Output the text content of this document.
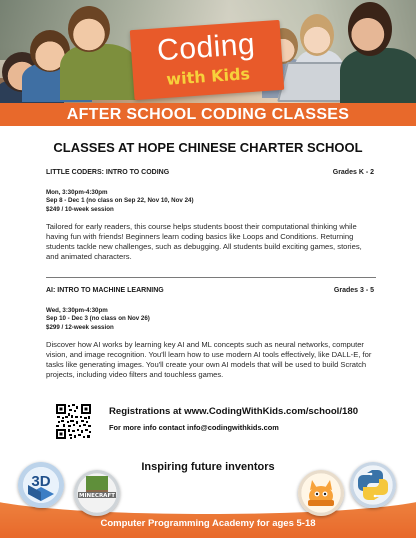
Coding
with Kids
AFTER SCHOOL CODING CLASSES
CLASSES AT HOPE CHINESE CHARTER SCHOOL
LITTLE CODERS: INTRO TO CODING	Grades K - 2
Mon, 3:30pm-4:30pm
Sep 8 - Dec 1 (no class on Sep 22, Nov 10, Nov 24)
$249 / 10-week session
Tailored for early readers, this course helps students boost their computational thinking while having fun with friends! Beginners learn coding basics like Loops and Conditions. Returning students tackle new challenges, such as debugging. All students build exciting games, stories, and animated characters.
AI: INTRO TO MACHINE LEARNING	Grades 3 - 5
Wed, 3:30pm-4:30pm
Sep 10 - Dec 3 (no class on Nov 26)
$299 / 12-week session
Discover how AI works by learning key AI and ML concepts such as neural networks, computer vision, and image recognition. You'll learn how to use modern AI tools effectively, like DALL-E, for tasks like generating images. You'll create your own AI models that will be used to build Scratch projects, including video filters and touchless games.
Registrations at www.CodingWithKids.com/school/180
For more info contact info@codingwithkids.com
Inspiring future inventors
Coding with Kids
Computer Programming Academy for ages 5-18
3D
MINECRAFT
